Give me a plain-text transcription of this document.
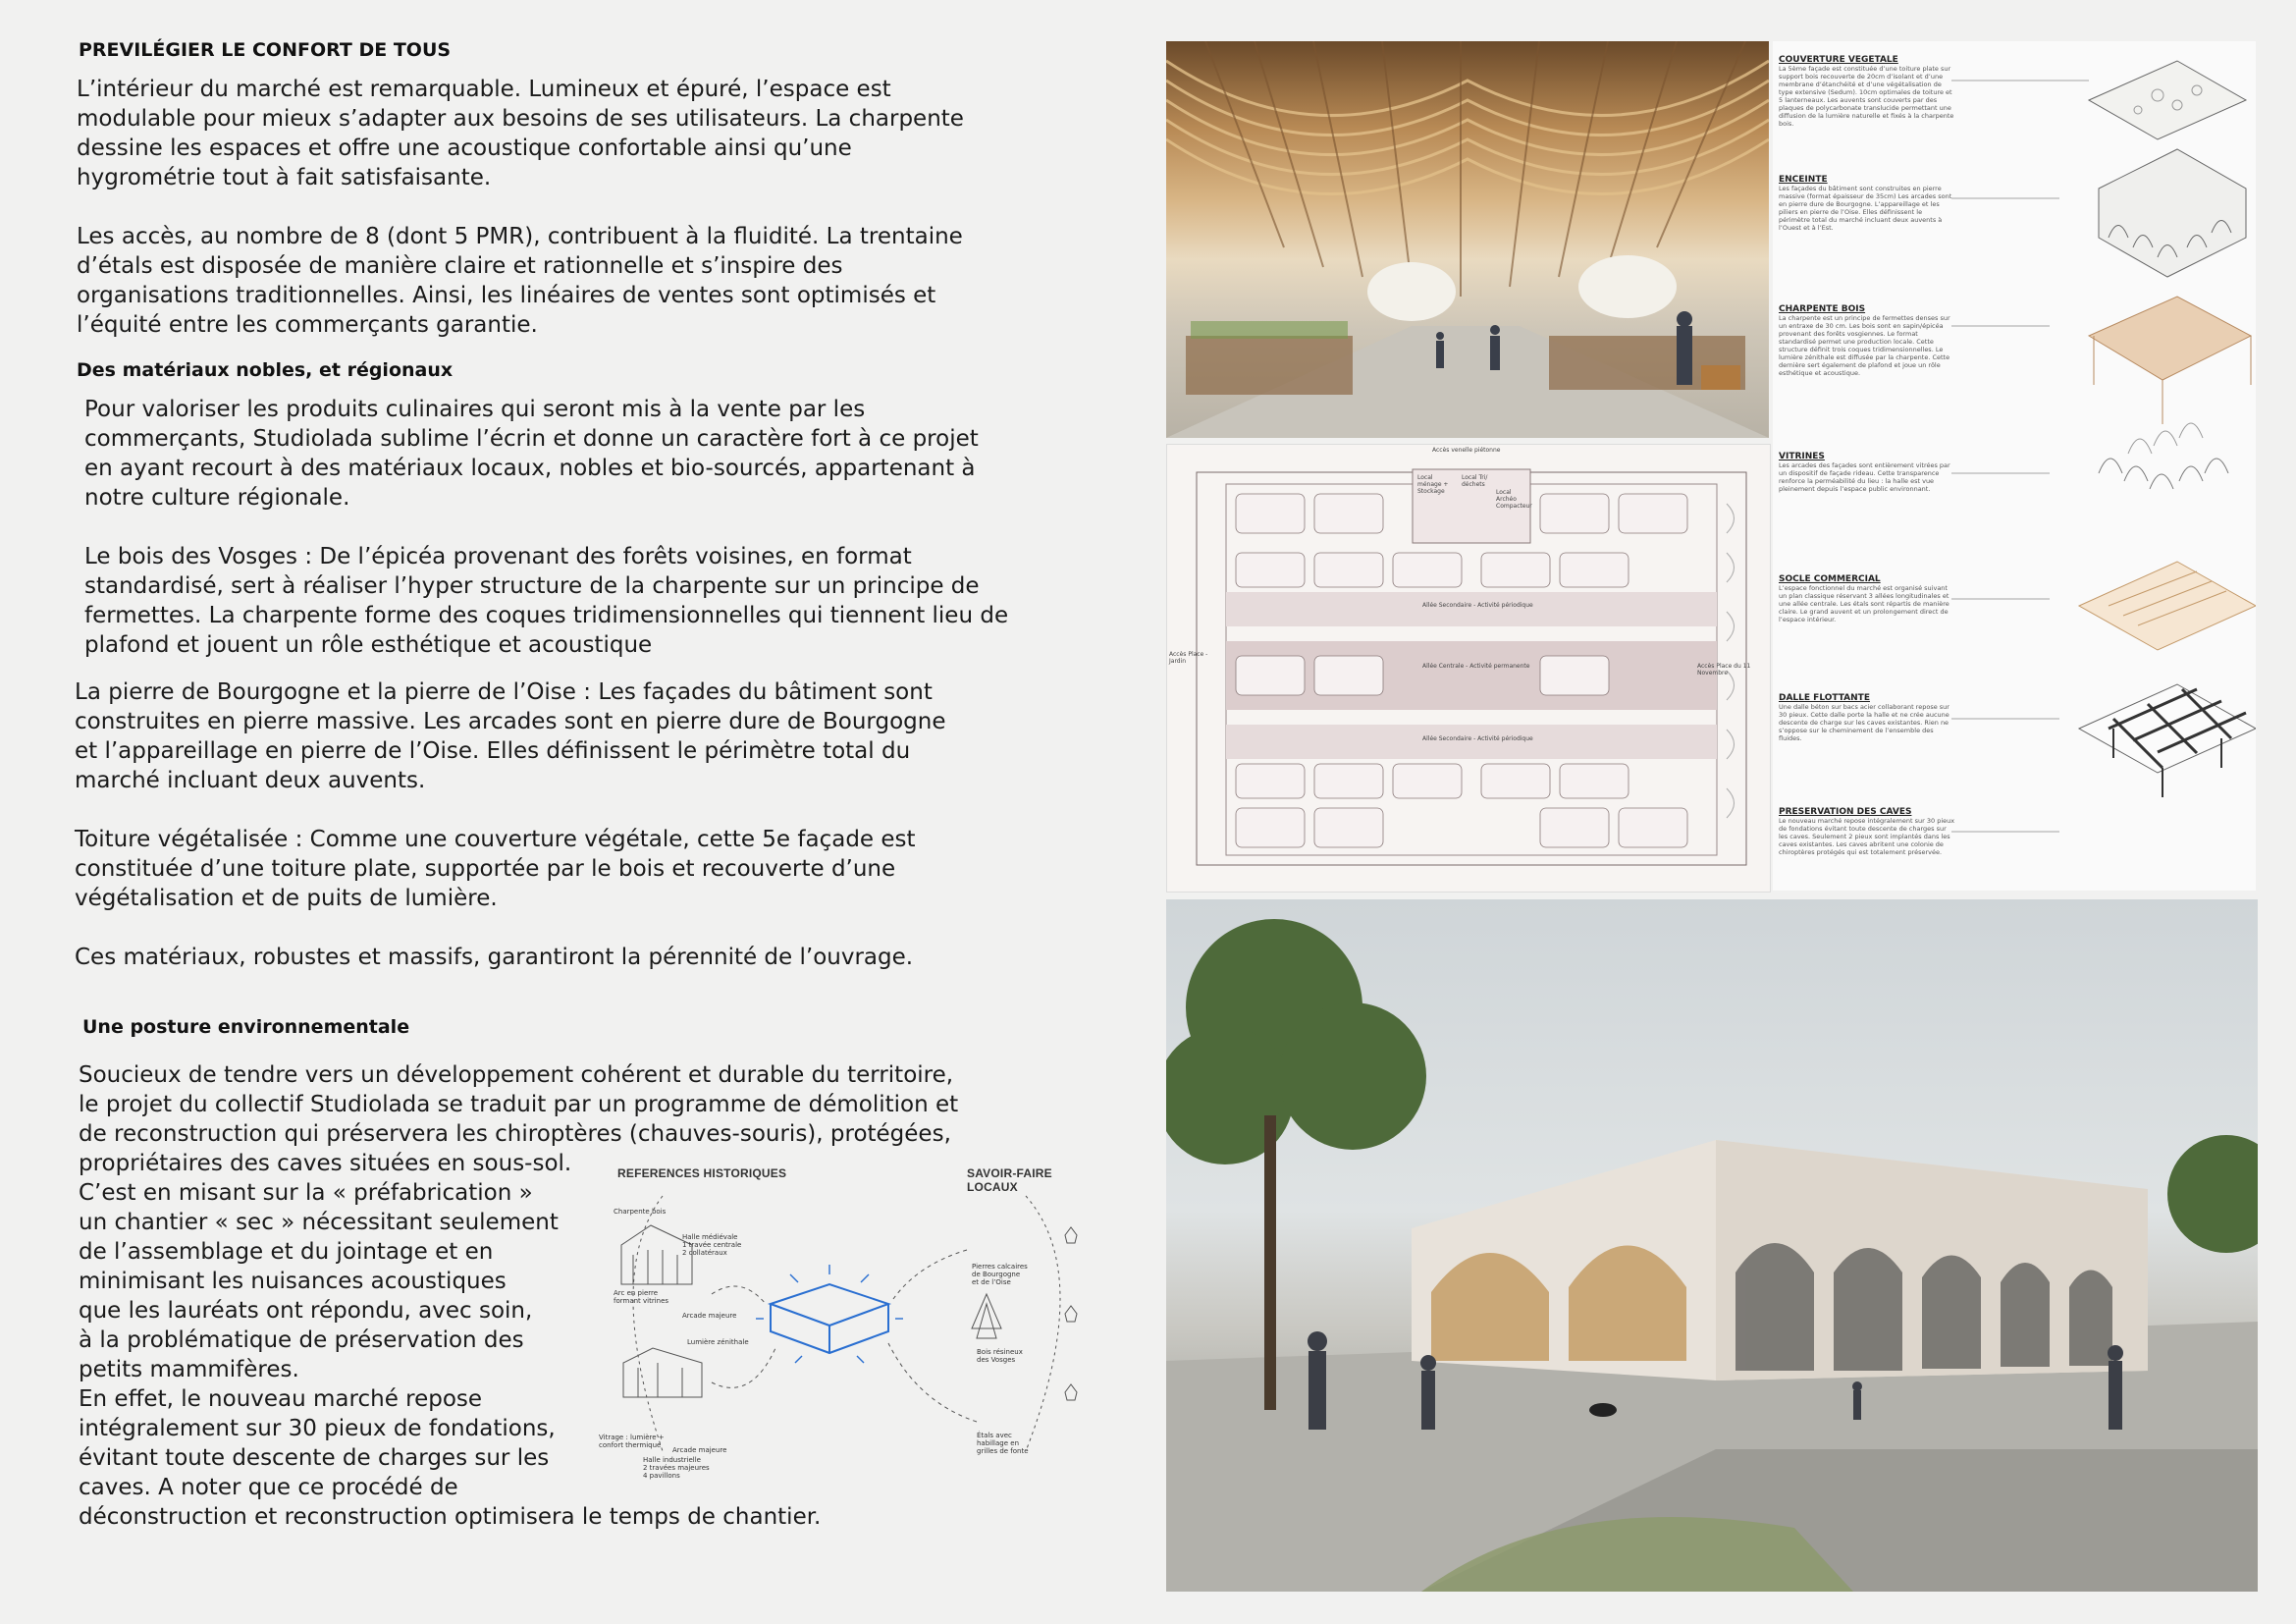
PREVILÉGIER LE CONFORT DE TOUS

L’intérieur du marché est remarquable. Lumineux et épuré, l’espace est
modulable pour mieux s’adapter aux besoins de ses utilisateurs. La charpente
dessine les espaces et offre une acoustique confortable ainsi qu’une
hygrométrie tout à fait satisfaisante.

Les accès, au nombre de 8 (dont 5 PMR), contribuent à la fluidité. La trentaine
d’étals est disposée de manière claire et rationnelle et s’inspire des
organisations traditionnelles. Ainsi, les linéaires de ventes sont optimisés et
l’équité entre les commerçants garantie.

Des matériaux nobles, et régionaux

Pour valoriser les produits culinaires qui seront mis à la vente par les
commerçants, Studiolada sublime l’écrin et donne un caractère fort à ce projet
en ayant recourt à des matériaux locaux, nobles et bio-sourcés, appartenant à
notre culture régionale.

Le bois des Vosges : De l’épicéa provenant des forêts voisines, en format
standardisé, sert à réaliser l’hyper structure de la charpente sur un principe de
fermettes. La charpente forme des coques tridimensionnelles qui tiennent lieu de
plafond et jouent un rôle esthétique et acoustique

La pierre de Bourgogne et la pierre de l’Oise : Les façades du bâtiment sont
construites en pierre massive. Les arcades sont en pierre dure de Bourgogne
et l’appareillage en pierre de l’Oise. Elles définissent le périmètre total du
marché incluant deux auvents.

Toiture végétalisée : Comme une couverture végétale, cette 5e façade est
constituée d’une toiture plate, supportée par le bois et recouverte d’une
végétalisation et de puits de lumière.

Ces matériaux, robustes et massifs, garantiront la pérennité de l’ouvrage.

Une posture environnementale

Soucieux de tendre vers un développement cohérent et durable du territoire,
le projet du collectif Studiolada se traduit par un programme de démolition et
de reconstruction qui préservera les chiroptères (chauves-souris), protégées,

propriétaires des caves situées en sous-sol.
C’est en misant sur la « préfabrication »
un chantier « sec » nécessitant seulement
de l’assemblage et du jointage et en
minimisant les nuisances acoustiques
que les lauréats ont répondu, avec soin,
à la problématique de préservation des
petits mammifères.
En effet, le nouveau marché repose
intégralement sur 30 pieux de fondations,
évitant toute descente de charges sur les
caves. A noter que ce procédé de

déconstruction et reconstruction optimisera le temps de chantier.

REFERENCES HISTORIQUES	SAVOIR-FAIRE LOCAUX
Charpente bois
Halle médiévale
1 travée centrale
2 collatéraux
Arc en pierre
formant vitrines
Arcade majeure
Lumière zénithale
Vitrage : lumière +
confort thermique
Arcade majeure
Halle industrielle
2 travées majeures
4 pavillons
Pierres calcaires
de Bourgogne
et de l’Oise
Bois résineux
des Vosges
Étals avec
habillage en
grilles de fonte
Accès venelle piétonne
Accès Place - Jardin
Accès Place du 11 Novembre
Allée Secondaire - Activité périodique
Allée Centrale - Activité permanente
Allée Secondaire - Activité périodique
Local ménage + Stockage
Local Tri/ déchets
Local Archéo Compacteur
COUVERTURE VEGETALE
La 5ème façade est constituée d’une toiture plate sur support bois recouverte de 20cm d’isolant et d’une membrane d’étanchéité et d’une végétalisation de type extensive (Sedum). 10cm optimales de toiture et 5 lanterneaux. Les auvents sont couverts par des plaques de polycarbonate translucide permettant une diffusion de la lumière naturelle et fixés à la charpente bois.
ENCEINTE
Les façades du bâtiment sont construites en pierre massive (format épaisseur de 35cm) Les arcades sont en pierre dure de Bourgogne. L’appareillage et les piliers en pierre de l’Oise. Elles définissent le périmètre total du marché incluant deux auvents à l’Ouest et à l’Est.
CHARPENTE BOIS
La charpente est un principe de fermettes denses sur un entraxe de 30 cm. Les bois sont en sapin/épicéa provenant des forêts vosgiennes. Le format standardisé permet une production locale. Cette structure définit trois coques tridimensionnelles. Le lumière zénithale est diffusée par la charpente. Cette dernière sert également de plafond et joue un rôle esthétique et acoustique.
VITRINES
Les arcades des façades sont entièrement vitrées par un dispositif de façade rideau. Cette transparence renforce la perméabilité du lieu : la halle est vue pleinement depuis l’espace public environnant.
SOCLE COMMERCIAL
L’espace fonctionnel du marché est organisé suivant un plan classique réservant 3 allées longitudinales et une allée centrale. Les étals sont répartis de manière claire. Le grand auvent et un prolongement direct de l’espace intérieur.
DALLE FLOTTANTE
Une dalle béton sur bacs acier collaborant repose sur 30 pieux. Cette dalle porte la halle et ne crée aucune descente de charge sur les caves existantes. Rien ne s’oppose sur le cheminement de l’ensemble des fluides.
PRESERVATION DES CAVES
Le nouveau marché repose intégralement sur 30 pieux de fondations évitant toute descente de charges sur les caves. Seulement 2 pieux sont implantés dans les caves existantes. Les caves abritent une colonie de chiroptères protégés qui est totalement préservée.
